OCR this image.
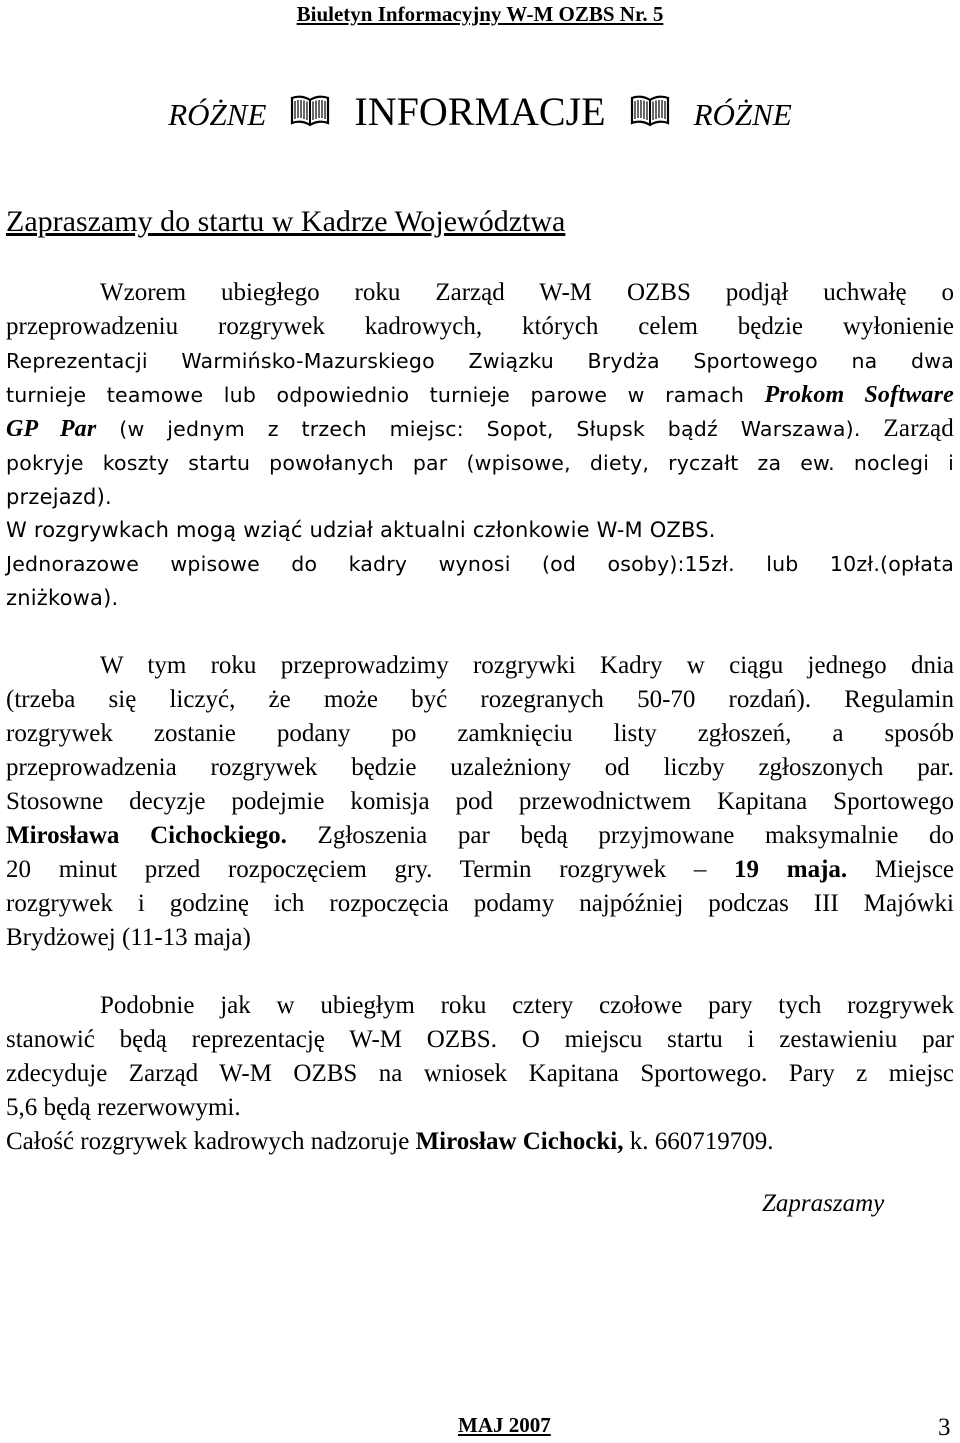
Biuletyn Informacyjny W-M OZBS Nr. 5
RÓŻNE INFORMACJE	RÓŻNE
Zapraszamy do startu w Kadrze Województwa
Wzorem ubiegłego roku Zarząd W-M OZBS podjął uchwałę o
przeprowadzeniu rozgrywek kadrowych, których celem będzie wyłonienie
Reprezentacji Warmińsko-Mazurskiego Związku Brydża Sportowego na dwa
turnieje teamowe lub odpowiednio turnieje parowe w ramach Prokom Software
GP Par (w jednym z trzech miejsc: Sopot, Słupsk bądź Warszawa). Zarząd
pokryje koszty startu powołanych par (wpisowe, diety, ryczałt za ew. noclegi i
przejazd).
W rozgrywkach mogą wziąć udział aktualni członkowie W-M OZBS.
Jednorazowe wpisowe do kadry wynosi (od osoby):15zł. lub 10zł.(opłata
zniżkowa).
W tym roku przeprowadzimy rozgrywki Kadry w ciągu jednego dnia
(trzeba się liczyć, że może być rozegranych 50-70 rozdań). Regulamin
rozgrywek zostanie podany po zamknięciu listy zgłoszeń, a sposób
przeprowadzenia rozgrywek będzie uzależniony od liczby zgłoszonych par.
Stosowne decyzje podejmie komisja pod przewodnictwem Kapitana Sportowego
Mirosława Cichockiego. Zgłoszenia par będą przyjmowane maksymalnie do
20 minut przed rozpoczęciem gry. Termin rozgrywek – 19 maja. Miejsce
rozgrywek i godzinę ich rozpoczęcia podamy najpóźniej podczas III Majówki
Brydżowej (11-13 maja)
Podobnie jak w ubiegłym roku cztery czołowe pary tych rozgrywek
stanowić będą reprezentację W-M OZBS. O miejscu startu i zestawieniu par
zdecyduje Zarząd W-M OZBS na wniosek Kapitana Sportowego. Pary z miejsc
5,6 będą rezerwowymi.
Całość rozgrywek kadrowych nadzoruje Mirosław Cichocki, k. 660719709.
Zapraszamy
MAJ 2007	3
